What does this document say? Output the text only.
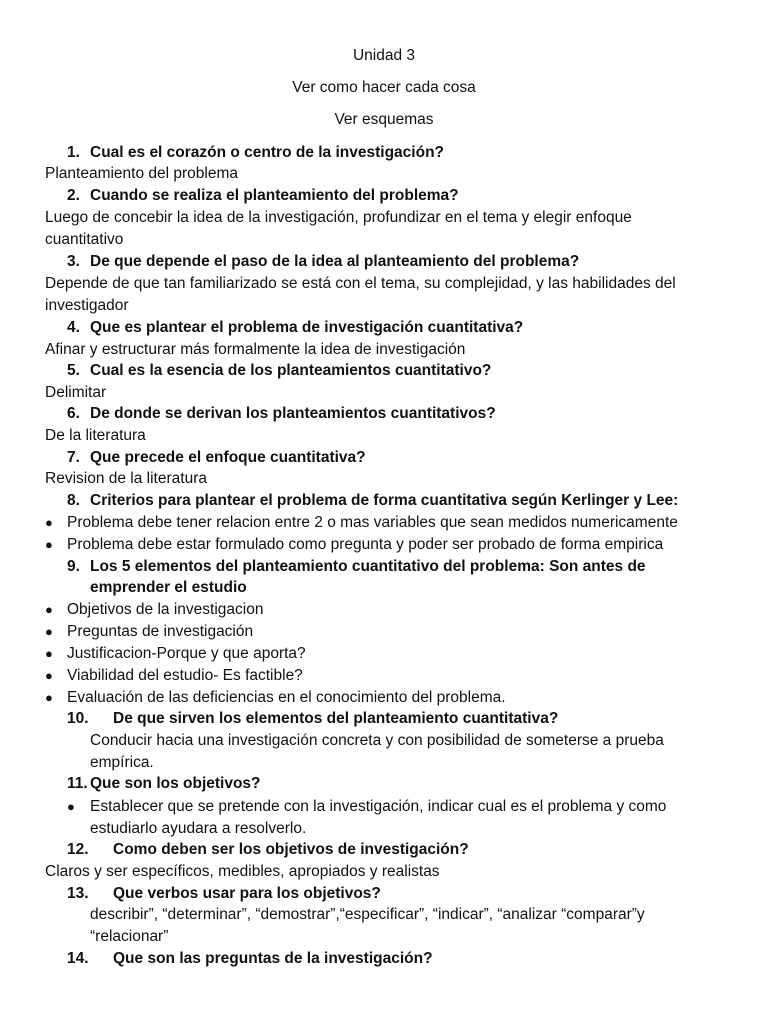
Unidad 3
Ver como hacer cada cosa
Ver esquemas
1. Cual es el corazón o centro de la investigación?
Planteamiento del problema
2. Cuando se realiza el planteamiento del problema?
Luego de concebir la idea de la investigación, profundizar en el tema y elegir enfoque
cuantitativo
3. De que depende el paso de la idea al planteamiento del problema?
Depende de que tan familiarizado se está con el tema, su complejidad, y las habilidades del
investigador
4. Que es plantear el problema de investigación cuantitativa?
Afinar y estructurar más formalmente la idea de investigación
5. Cual es la esencia de los planteamientos cuantitativo?
Delimitar
6. De donde se derivan los planteamientos cuantitativos?
De la literatura
7. Que precede el enfoque cuantitativa?
Revision de la literatura
8. Criterios para plantear el problema de forma cuantitativa según Kerlinger y Lee:
● Problema debe tener relacion entre 2 o mas variables que sean medidos numericamente
● Problema debe estar formulado como pregunta y poder ser probado de forma empirica
9. Los 5 elementos del planteamiento cuantitativo del problema: Son antes de
emprender el estudio
● Objetivos de la investigacion
● Preguntas de investigación
● Justificacion-Porque y que aporta?
● Viabilidad del estudio- Es factible?
● Evaluación de las deficiencias en el conocimiento del problema.
10. De que sirven los elementos del planteamiento cuantitativa?
Conducir hacia una investigación concreta y con posibilidad de someterse a prueba
empírica.
11. Que son los objetivos?
● Establecer que se pretende con la investigación, indicar cual es el problema y como
estudiarlo ayudara a resolverlo.
12. Como deben ser los objetivos de investigación?
Claros y ser específicos, medibles, apropiados y realistas
13. Que verbos usar para los objetivos?
describir”, “determinar”, “demostrar”,“especificar”, “indicar”, “analizar “comparar”y
“relacionar”
14. Que son las preguntas de la investigación?
